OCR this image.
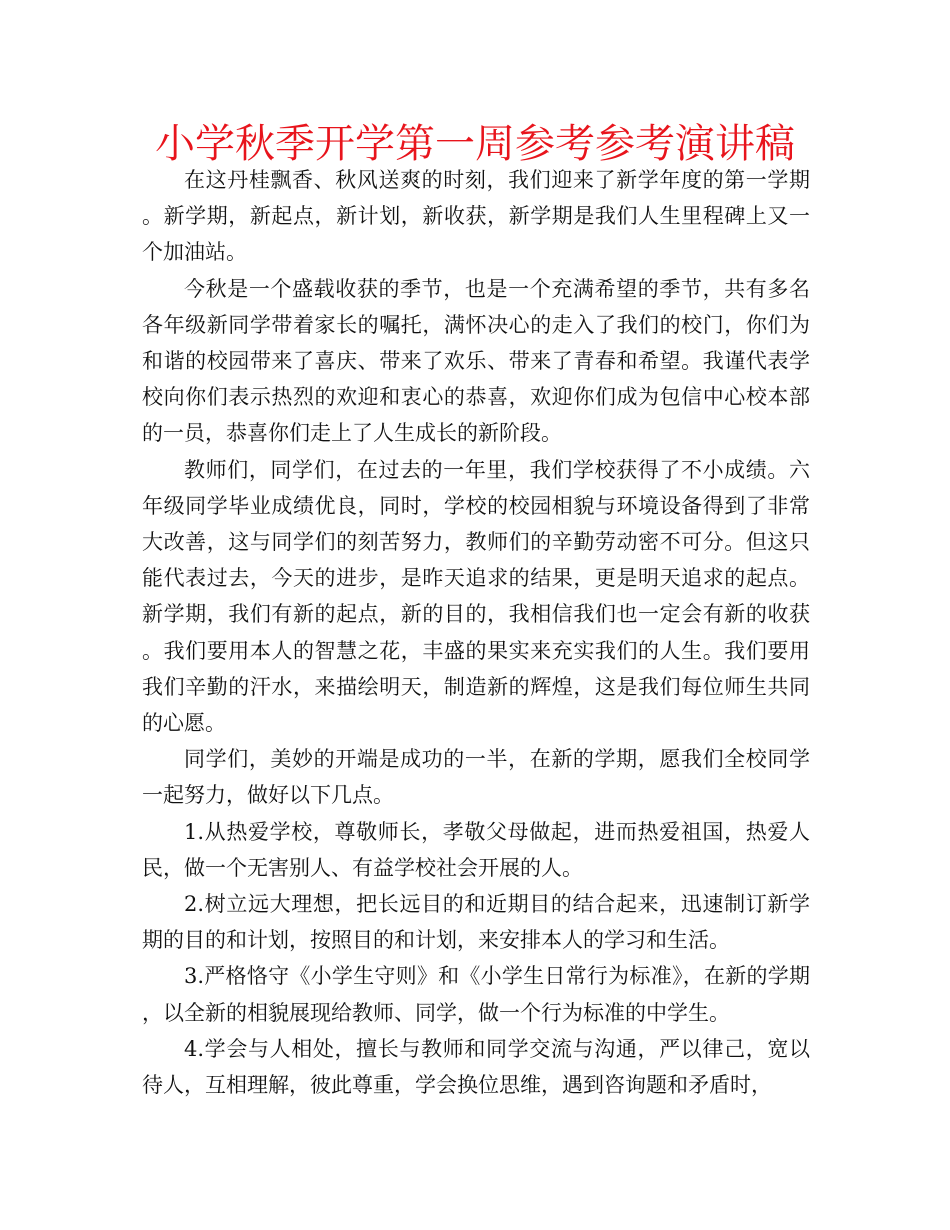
小学秋季开学第一周参考参考演讲稿

在这丹桂飘香、秋风送爽的时刻，我们迎来了新学年度的第一学期。新学期，新起点，新计划，新收获，新学期是我们人生里程碑上又一个加油站。

今秋是一个盛载收获的季节，也是一个充满希望的季节，共有多名各年级新同学带着家长的嘱托，满怀决心的走入了我们的校门，你们为和谐的校园带来了喜庆、带来了欢乐、带来了青春和希望。我谨代表学校向你们表示热烈的欢迎和衷心的恭喜，欢迎你们成为包信中心校本部的一员，恭喜你们走上了人生成长的新阶段。

教师们，同学们，在过去的一年里，我们学校获得了不小成绩。六年级同学毕业成绩优良，同时，学校的校园相貌与环境设备得到了非常大改善，这与同学们的刻苦努力，教师们的辛勤劳动密不可分。但这只能代表过去，今天的进步，是昨天追求的结果，更是明天追求的起点。新学期，我们有新的起点，新的目的，我相信我们也一定会有新的收获。我们要用本人的智慧之花，丰盛的果实来充实我们的人生。我们要用我们辛勤的汗水，来描绘明天，制造新的辉煌，这是我们每位师生共同的心愿。

同学们，美妙的开端是成功的一半，在新的学期，愿我们全校同学一起努力，做好以下几点。

1.从热爱学校，尊敬师长，孝敬父母做起，进而热爱祖国，热爱人民，做一个无害别人、有益学校社会开展的人。

2.树立远大理想，把长远目的和近期目的结合起来，迅速制订新学期的目的和计划，按照目的和计划，来安排本人的学习和生活。

3.严格恪守《小学生守则》和《小学生日常行为标准》，在新的学期，以全新的相貌展现给教师、同学，做一个行为标准的中学生。

4.学会与人相处，擅长与教师和同学交流与沟通，严以律己，宽以待人，互相理解，彼此尊重，学会换位思维，遇到咨询题和矛盾时，
